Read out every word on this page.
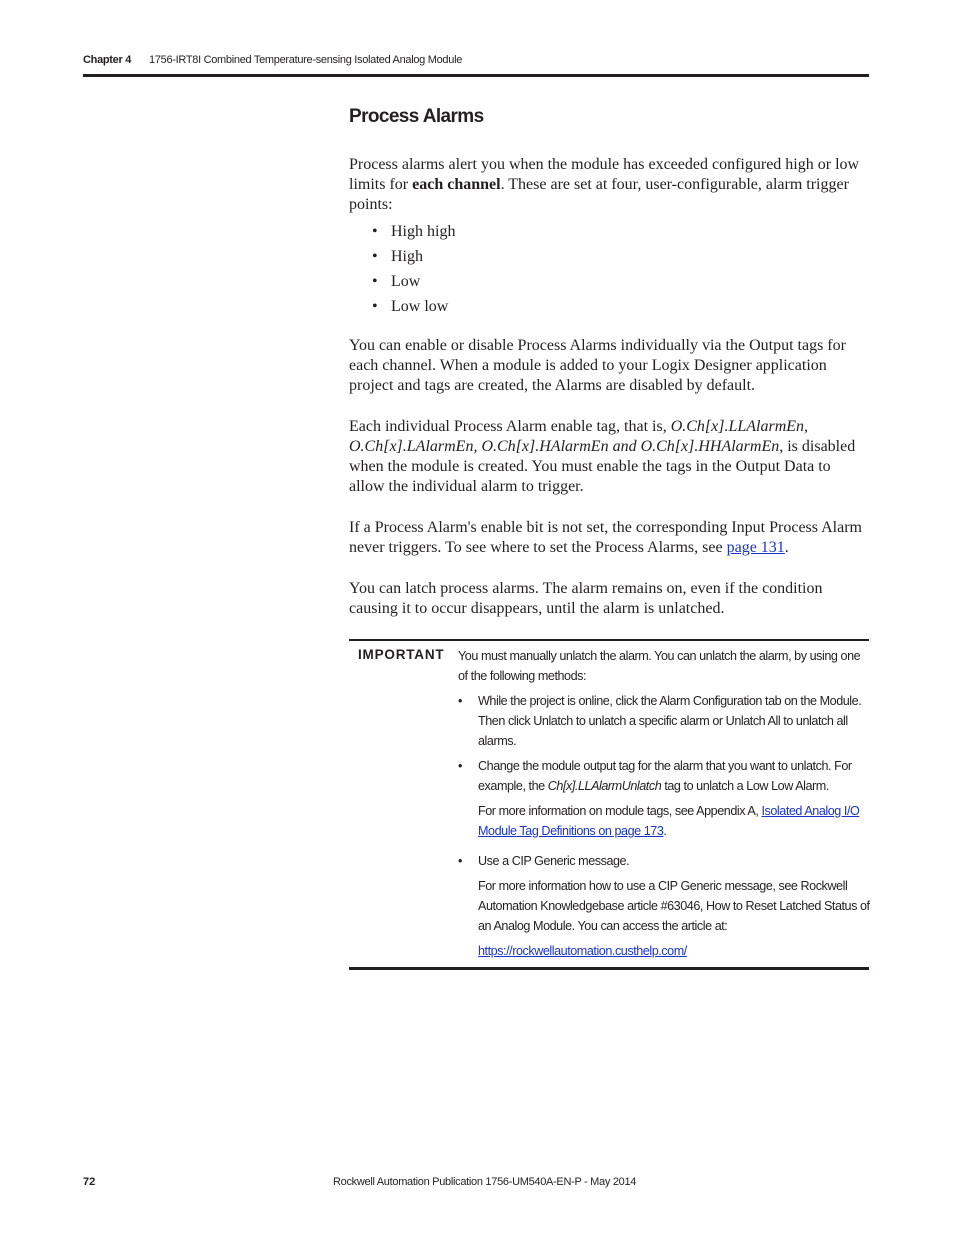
Chapter 4 1756-IRT8I Combined Temperature-sensing Isolated Analog Module
Process Alarms

Process alarms alert you when the module has exceeded configured high or low limits for each channel. These are set at four, user-configurable, alarm trigger points:

• High high
• High
• Low
• Low low

You can enable or disable Process Alarms individually via the Output tags for each channel. When a module is added to your Logix Designer application project and tags are created, the Alarms are disabled by default.

Each individual Process Alarm enable tag, that is, O.Ch[x].LLAlarmEn, O.Ch[x].LAlarmEn, O.Ch[x].HAlarmEn and O.Ch[x].HHAlarmEn, is disabled when the module is created. You must enable the tags in the Output Data to allow the individual alarm to trigger.

If a Process Alarm's enable bit is not set, the corresponding Input Process Alarm never triggers. To see where to set the Process Alarms, see page 131.

You can latch process alarms. The alarm remains on, even if the condition causing it to occur disappears, until the alarm is unlatched.

IMPORTANT You must manually unlatch the alarm. You can unlatch the alarm, by using one of the following methods:

• While the project is online, click the Alarm Configuration tab on the Module. Then click Unlatch to unlatch a specific alarm or Unlatch All to unlatch all alarms.
• Change the module output tag for the alarm that you want to unlatch. For example, the Ch[x].LLAlarmUnlatch tag to unlatch a Low Low Alarm.

For more information on module tags, see Appendix A, Isolated Analog I/O Module Tag Definitions on page 173.

• Use a CIP Generic message.

For more information how to use a CIP Generic message, see Rockwell Automation Knowledgebase article #63046, How to Reset Latched Status of an Analog Module. You can access the article at:

https://rockwellautomation.custhelp.com/

72	Rockwell Automation Publication 1756-UM540A-EN-P - May 2014
